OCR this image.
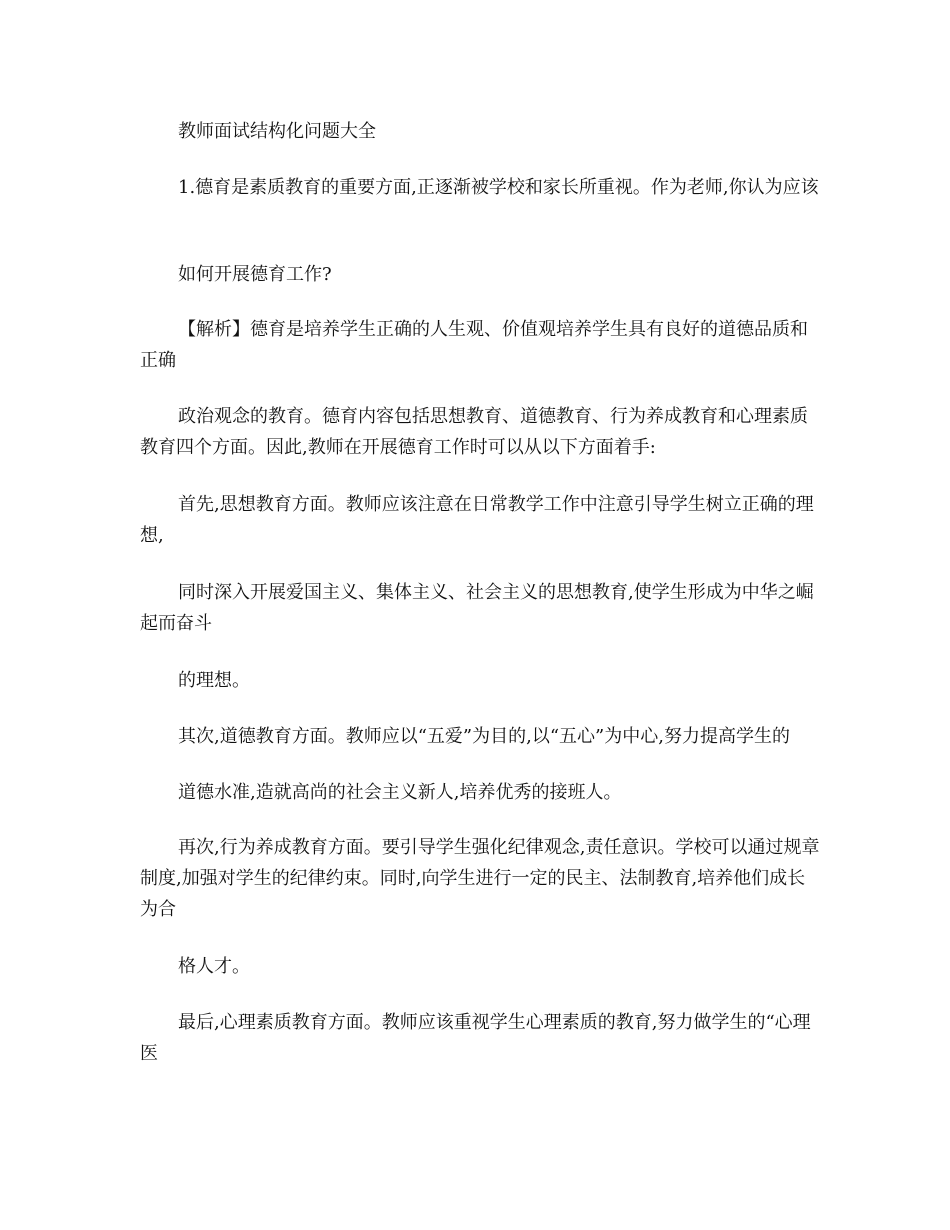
教师面试结构化问题大全

1.德育是素质教育的重要方面,正逐渐被学校和家长所重视。作为老师,你认为应该

如何开展德育工作?

【解析】德育是培养学生正确的人生观、价值观培养学生具有良好的道德品质和正确

政治观念的教育。德育内容包括思想教育、道德教育、行为养成教育和心理素质教育四个方面。因此,教师在开展德育工作时可以从以下方面着手:

首先,思想教育方面。教师应该注意在日常教学工作中注意引导学生树立正确的理想,

同时深入开展爱国主义、集体主义、社会主义的思想教育,使学生形成为中华之崛起而奋斗

的理想。

其次,道德教育方面。教师应以“五爱”为目的,以“五心”为中心,努力提高学生的

道德水准,造就高尚的社会主义新人,培养优秀的接班人。

再次,行为养成教育方面。要引导学生强化纪律观念,责任意识。学校可以通过规章制度,加强对学生的纪律约束。同时,向学生进行一定的民主、法制教育,培养他们成长为合

格人才。

最后,心理素质教育方面。教师应该重视学生心理素质的教育,努力做学生的“心理医
